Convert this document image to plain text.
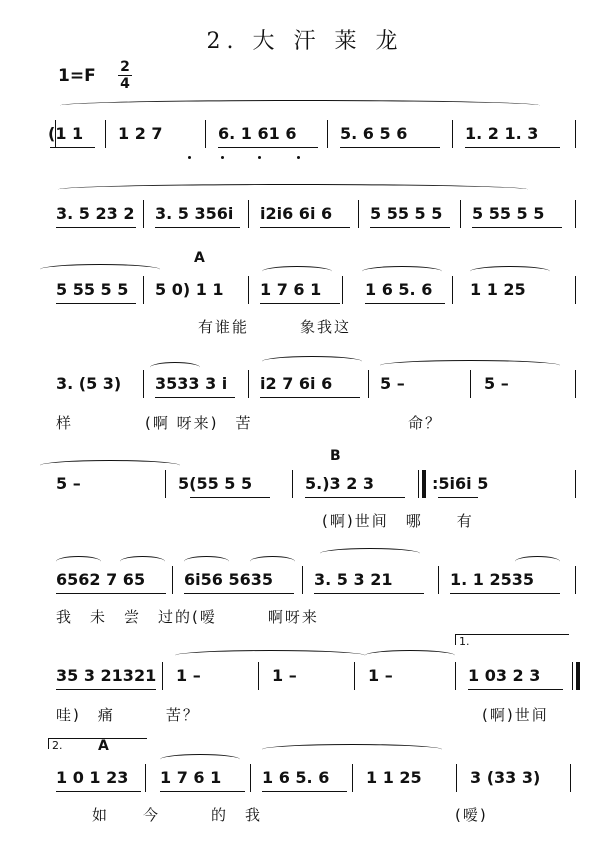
2. 大 汗 莱 龙
1=F 2
4
(1 1 1 2 7	6. 1 61 6	5. 6 5 6	1. 2 1. 3
3. 5 23 2 3. 5 356i i2i6 6i 6 5 55 5 5 5 55 5 5
A
5 55 5 5 5 0) 1 1 1 7 6 1	1 6 5. 6 1 1 25
有谁能　　　象我这
3. (5 3) 3533 3 i i2 7 6i 6	5 –	5 –
样	(啊 呀来)　苦	命？
B
5 –	5(55 5 5	5.)3 2 3	:5i6i 5
(啊)世间　哪　　有
6562 7 65 6i56 5635	3. 5 3 21	1. 1 2535
我　未　尝　过的(嗳　　　啊呀来
1.
35 3 21321 1 –	1 –	1 –	1 03 2 3
哇)　痛　　　苦？	(啊)世间
2.	A
1 0 1 23 1 7 6 1	1 6 5. 6 1 1 25	3 (33 3)
如　　今　　　的　我	(嗳)
